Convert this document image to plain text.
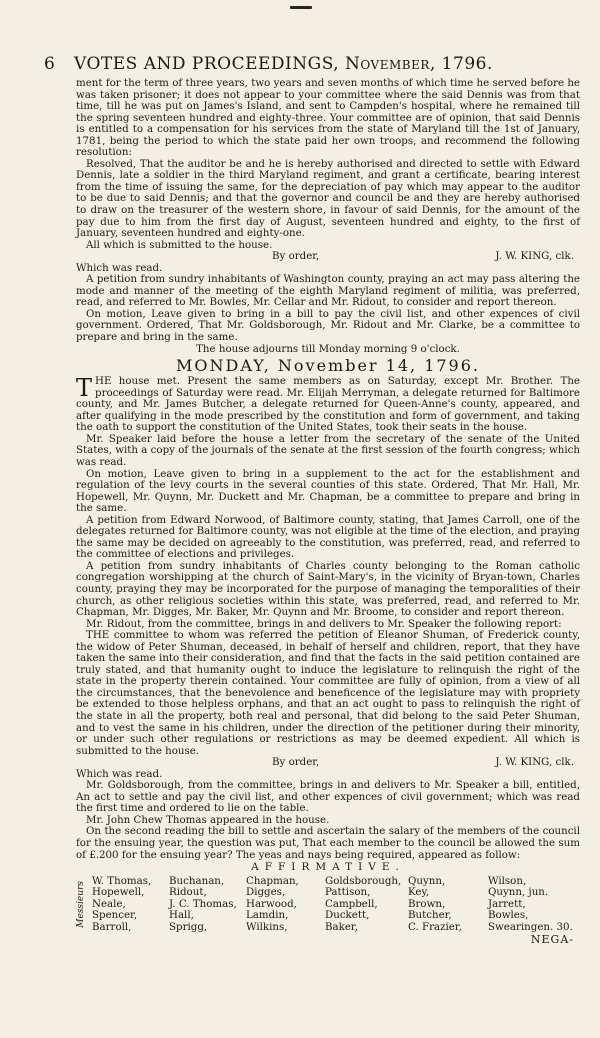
6 VOTES AND PROCEEDINGS, November, 1796.

ment for the term of three years, two years and seven months of which time he served before he was taken prisoner; it does not appear to your committee where the said Dennis was from that time, till he was put on James's Island, and sent to Campden's hospital, where he remained till the spring seventeen hundred and eighty-three. Your committee are of opinion, that said Dennis is entitled to a compensation for his services from the state of Maryland till the 1st of January, 1781, being the period to which the state paid her own troops, and recommend the following resolution:

Resolved, That the auditor be and he is hereby authorised and directed to settle with Edward Dennis, late a soldier in the third Maryland regiment, and grant a certificate, bearing interest from the time of issuing the same, for the depreciation of pay which may appear to the auditor to be due to said Dennis; and that the governor and council be and they are hereby authorised to draw on the treasurer of the western shore, in favour of said Dennis, for the amount of the pay due to him from the first day of August, seventeen hundred and eighty, to the first of January, seventeen hundred and eighty-one.

All which is submitted to the house.

By order,	J. W. KING, clk.

Which was read.

A petition from sundry inhabitants of Washington county, praying an act may pass altering the mode and manner of the meeting of the eighth Maryland regiment of militia, was preferred, read, and referred to Mr. Bowles, Mr. Cellar and Mr. Ridout, to consider and report thereon.

On motion, Leave given to bring in a bill to pay the civil list, and other expences of civil government. Ordered, That Mr. Goldsborough, Mr. Ridout and Mr. Clarke, be a committee to prepare and bring in the same.

The house adjourns till Monday morning 9 o'clock.

MONDAY, November 14, 1796.

THE house met. Present the same members as on Saturday, except Mr. Brother. The proceedings of Saturday were read. Mr. Elijah Merryman, a delegate returned for Baltimore county, and Mr. James Butcher, a delegate returned for Queen-Anne's county, appeared, and after qualifying in the mode prescribed by the constitution and form of government, and taking the oath to support the constitution of the United States, took their seats in the house.

Mr. Speaker laid before the house a letter from the secretary of the senate of the United States, with a copy of the journals of the senate at the first session of the fourth congress; which was read.

On motion, Leave given to bring in a supplement to the act for the establishment and regulation of the levy courts in the several counties of this state. Ordered, That Mr. Hall, Mr. Hopewell, Mr. Quynn, Mr. Duckett and Mr. Chapman, be a committee to prepare and bring in the same.

A petition from Edward Norwood, of Baltimore county, stating, that James Carroll, one of the delegates returned for Baltimore county, was not eligible at the time of the election, and praying the same may be decided on agreeably to the constitution, was preferred, read, and referred to the committee of elections and privileges.

A petition from sundry inhabitants of Charles county belonging to the Roman catholic congregation worshipping at the church of Saint-Mary's, in the vicinity of Bryan-town, Charles county, praying they may be incorporated for the purpose of managing the temporalities of their church, as other religious societies within this state, was preferred, read, and referred to Mr. Chapman, Mr. Digges, Mr. Baker, Mr. Quynn and Mr. Broome, to consider and report thereon.

Mr. Ridout, from the committee, brings in and delivers to Mr. Speaker the following report:

THE committee to whom was referred the petition of Eleanor Shuman, of Frederick county, the widow of Peter Shuman, deceased, in behalf of herself and children, report, that they have taken the same into their consideration, and find that the facts in the said petition contained are truly stated, and that humanity ought to induce the legislature to relinquish the right of the state in the property therein contained. Your committee are fully of opinion, from a view of all the circumstances, that the benevolence and beneficence of the legislature may with propriety be extended to those helpless orphans, and that an act ought to pass to relinquish the right of the state in all the property, both real and personal, that did belong to the said Peter Shuman, and to vest the same in his children, under the direction of the petitioner during their minority, or under such other regulations or restrictions as may be deemed expedient. All which is submitted to the house.

By order,	J. W. KING, clk.

Which was read.

Mr. Goldsborough, from the committee, brings in and delivers to Mr. Speaker a bill, entitled, An act to settle and pay the civil list, and other expences of civil government; which was read the first time and ordered to lie on the table.

Mr. John Chew Thomas appeared in the house.

On the second reading the bill to settle and ascertain the salary of the members of the council for the ensuing year, the question was put, That each member to the council be allowed the sum of £.200 for the ensuing year? The yeas and nays being required, appeared as follow:

AFFIRMATIVE.
Messieurs
W. Thomas,
Hopewell,
Neale,
Spencer,
Barroll,
Buchanan,
Ridout,
J. C. Thomas,
Hall,
Sprigg,
Chapman,
Digges,
Harwood,
Lamdin,
Wilkins,
Goldsborough,
Pattison,
Campbell,
Duckett,
Baker,
Quynn,
Key,
Brown,
Butcher,
C. Frazier,
Wilson,
Quynn, jun.
Jarrett,
Bowles,
Swearingen. 30.
NEGA-
